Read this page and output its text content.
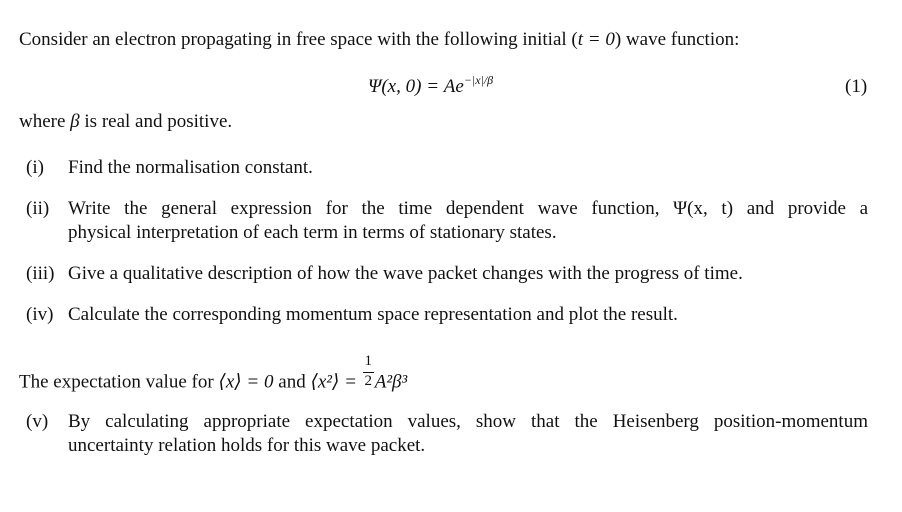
Consider an electron propagating in free space with the following initial (t = 0) wave function:
Ψ(x, $0) = Ae^{-|x|/\beta}$	(1)
where β is real and positive.
(i)	Find the normalisation constant.
(ii) Write the general expression for the time dependent wave function, Ψ(x, t) and provide a
physical interpretation of each term in terms of stationary states.
(iii) Give a qualitative description of how the wave packet changes with the progress of time.
(iv) Calculate the corresponding momentum space representation and plot the result.
The expectation value for ⟨x⟩ = 0 and ⟨x²⟩ = $\frac{1}{2} A^2\beta^3$
(v)	By calculating appropriate expectation values, show that the Heisenberg position-momentum
uncertainty relation holds for this wave packet.
